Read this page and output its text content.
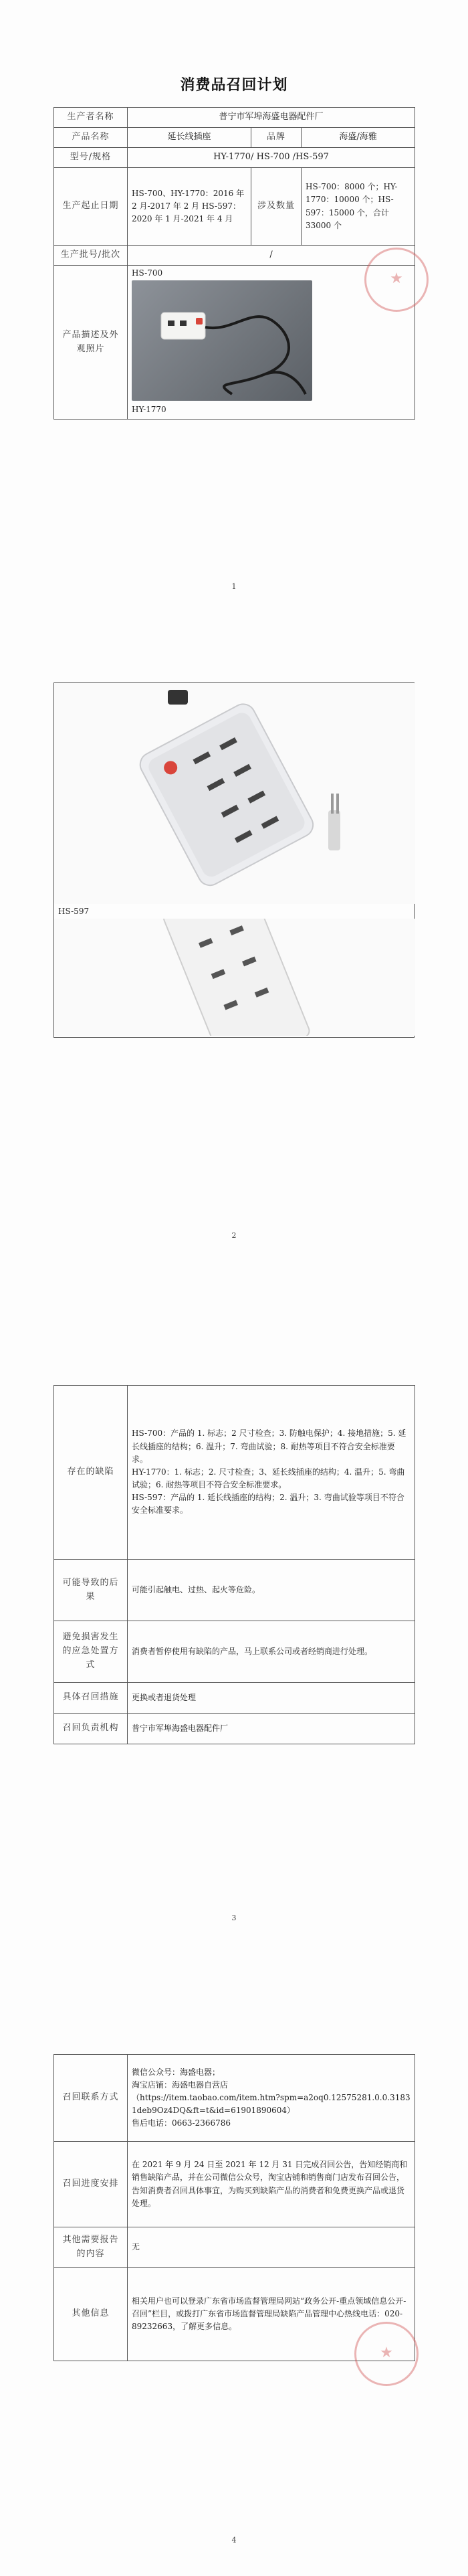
消费品召回计划
生产者名称	普宁市军埠海盛电器配件厂		
产品名称	延长线插座	品牌	海盛/海雅
型号/规格	HY-1770/ HS-700 /HS-597		
生产起止日期	HS-700、HY-1770：2016 年 2 月-2017 年 2 月 HS-597：2020 年 1 月-2021 年 4 月	涉及数量	HS-700：8000 个；HY-1770：10000 个；HS-597：15000 个，合计 33000 个
生产批号/批次	/		
产品描述及外观照片	HS-700
HY-1770		
★
1
HS-597
2
存在的缺陷	HS-700：产品的 1. 标志；2 尺寸检查；3. 防触电保护；4. 接地措施；5. 延长线插座的结构；6. 温升；7. 弯曲试验；8. 耐热等项目不符合安全标准要求。
HY-1770：1. 标志；2. 尺寸检查；3、延长线插座的结构；4. 温升；5. 弯曲试验；6. 耐热等项目不符合安全标准要求。
HS-597：产品的 1. 延长线插座的结构；2. 温升；3. 弯曲试验等项目不符合安全标准要求。

可能导致的后果	可能引起触电、过热、起火等危险。
避免损害发生的应急处置方式	消费者暂停使用有缺陷的产品，马上联系公司或者经销商进行处理。
具体召回措施	更换或者退货处理
召回负责机构	普宁市军埠海盛电器配件厂
3
召回联系方式	微信公众号：海盛电器；
淘宝店铺：海盛电器自营店
（https://item.taobao.com/item.htm?spm=a2oq0.12575281.0.0.31831deb9Oz4DQ&ft=t&id=61901890604）
售后电话：0663-2366786

召回进度安排	在 2021 年 9 月 24 日至 2021 年 12 月 31 日完成召回公告，告知经销商和销售缺陷产品，并在公司微信公众号，淘宝店铺和销售商门店发布召回公告，告知消费者召回具体事宜，为购买到缺陷产品的消费者和免费更换产品或退货处理。
其他需要报告的内容	无
其他信息	相关用户也可以登录广东省市场监督管理局网站“政务公开-重点领域信息公开-召回”栏目，或拨打广东省市场监督管理局缺陷产品管理中心热线电话：020-89232663，了解更多信息。
★
4
